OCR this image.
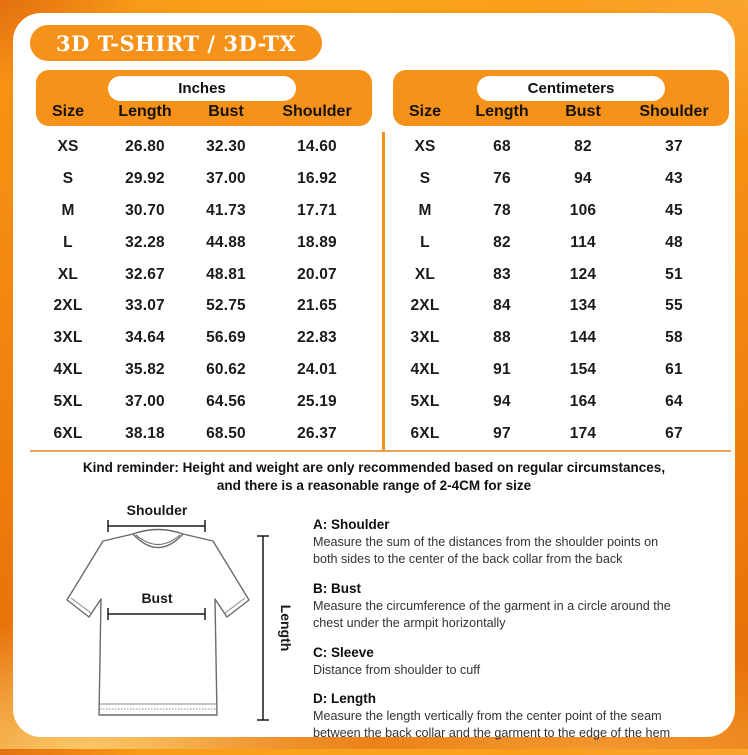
3D T-SHIRT / 3D-TX
Inches
Size	Length	Bust	Shoulder
XS	26.80	32.30	14.60
S	29.92	37.00	16.92
M	30.70	41.73	17.71
L	32.28	44.88	18.89
XL	32.67	48.81	20.07
2XL	33.07	52.75	21.65
3XL	34.64	56.69	22.83
4XL	35.82	60.62	24.01
5XL	37.00	64.56	25.19
6XL	38.18	68.50	26.37
Centimeters
Size	Length	Bust	Shoulder
XS	68	82	37
S	76	94	43
M	78	106	45
L	82	114	48
XL	83	124	51
2XL	84	134	55
3XL	88	144	58
4XL	91	154	61
5XL	94	164	64
6XL	97	174	67

Kind reminder: Height and weight are only recommended based on regular circumstances,
and there is a reasonable range of 2-4CM for size

Shoulder
Bust
Length
A: Shoulder

Measure the sum of the distances from the shoulder points on both sides to the center of the back collar from the back

B: Bust

Measure the circumference of the garment in a circle around the chest under the armpit horizontally

C: Sleeve

Distance from shoulder to cuff

D: Length

Measure the length vertically from the center point of the seam between the back collar and the garment to the edge of the hem
